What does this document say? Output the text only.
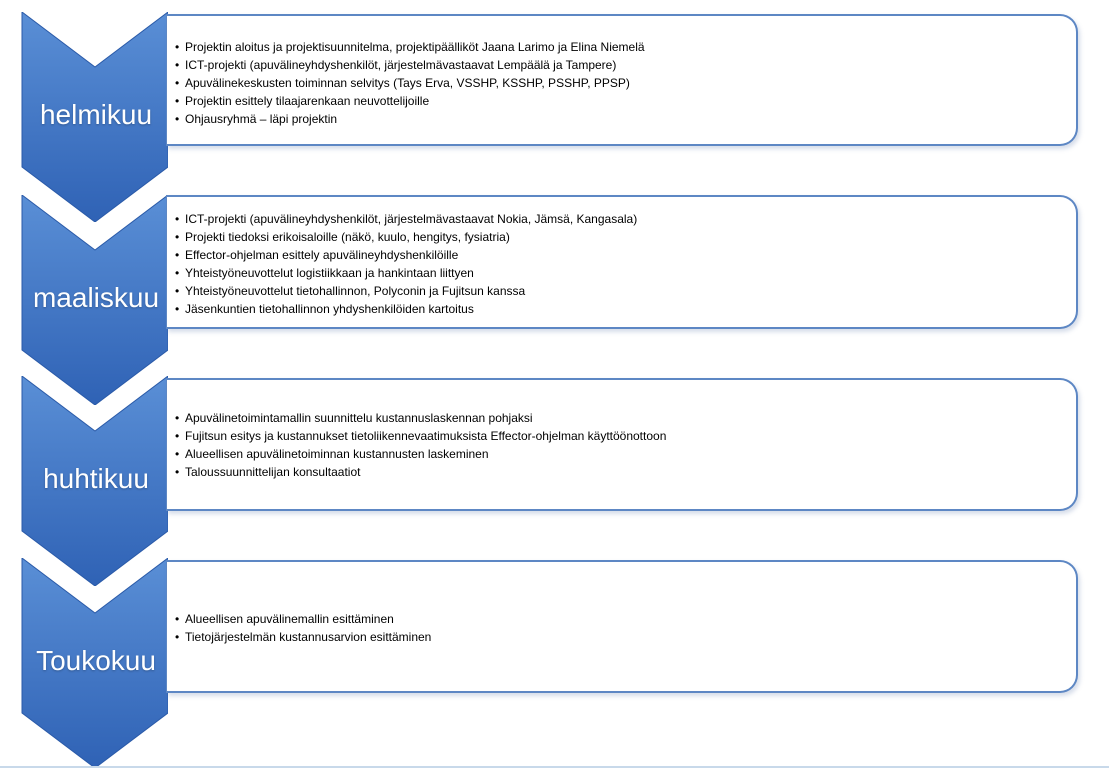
helmikuu
• Projektin aloitus ja projektisuunnitelma, projektipäälliköt Jaana Larimo ja Elina Niemelä
• ICT-projekti (apuvälineyhdyshenkilöt, järjestelmävastaavat Lempäälä ja Tampere)
• Apuvälinekeskusten toiminnan selvitys (Tays Erva, VSSHP, KSSHP, PSSHP, PPSP)
• Projektin esittely tilaajarenkaan neuvottelijoille
• Ohjausryhmä – läpi projektin
maaliskuu
• ICT-projekti (apuvälineyhdyshenkilöt, järjestelmävastaavat Nokia, Jämsä, Kangasala)
• Projekti tiedoksi erikoisaloille (näkö, kuulo, hengitys, fysiatria)
• Effector-ohjelman esittely apuvälineyhdyshenkilöille
• Yhteistyöneuvottelut logistiikkaan ja hankintaan liittyen
• Yhteistyöneuvottelut tietohallinnon, Polyconin ja Fujitsun kanssa
• Jäsenkuntien tietohallinnon yhdyshenkilöiden kartoitus
huhtikuu
• Apuvälinetoimintamallin suunnittelu kustannuslaskennan pohjaksi
• Fujitsun esitys ja kustannukset tietoliikennevaatimuksista Effector-ohjelman käyttöönottoon
• Alueellisen apuvälinetoiminnan kustannusten laskeminen
• Taloussuunnittelijan konsultaatiot
Toukokuu
• Alueellisen apuvälinemallin esittäminen
• Tietojärjestelmän kustannusarvion esittäminen
